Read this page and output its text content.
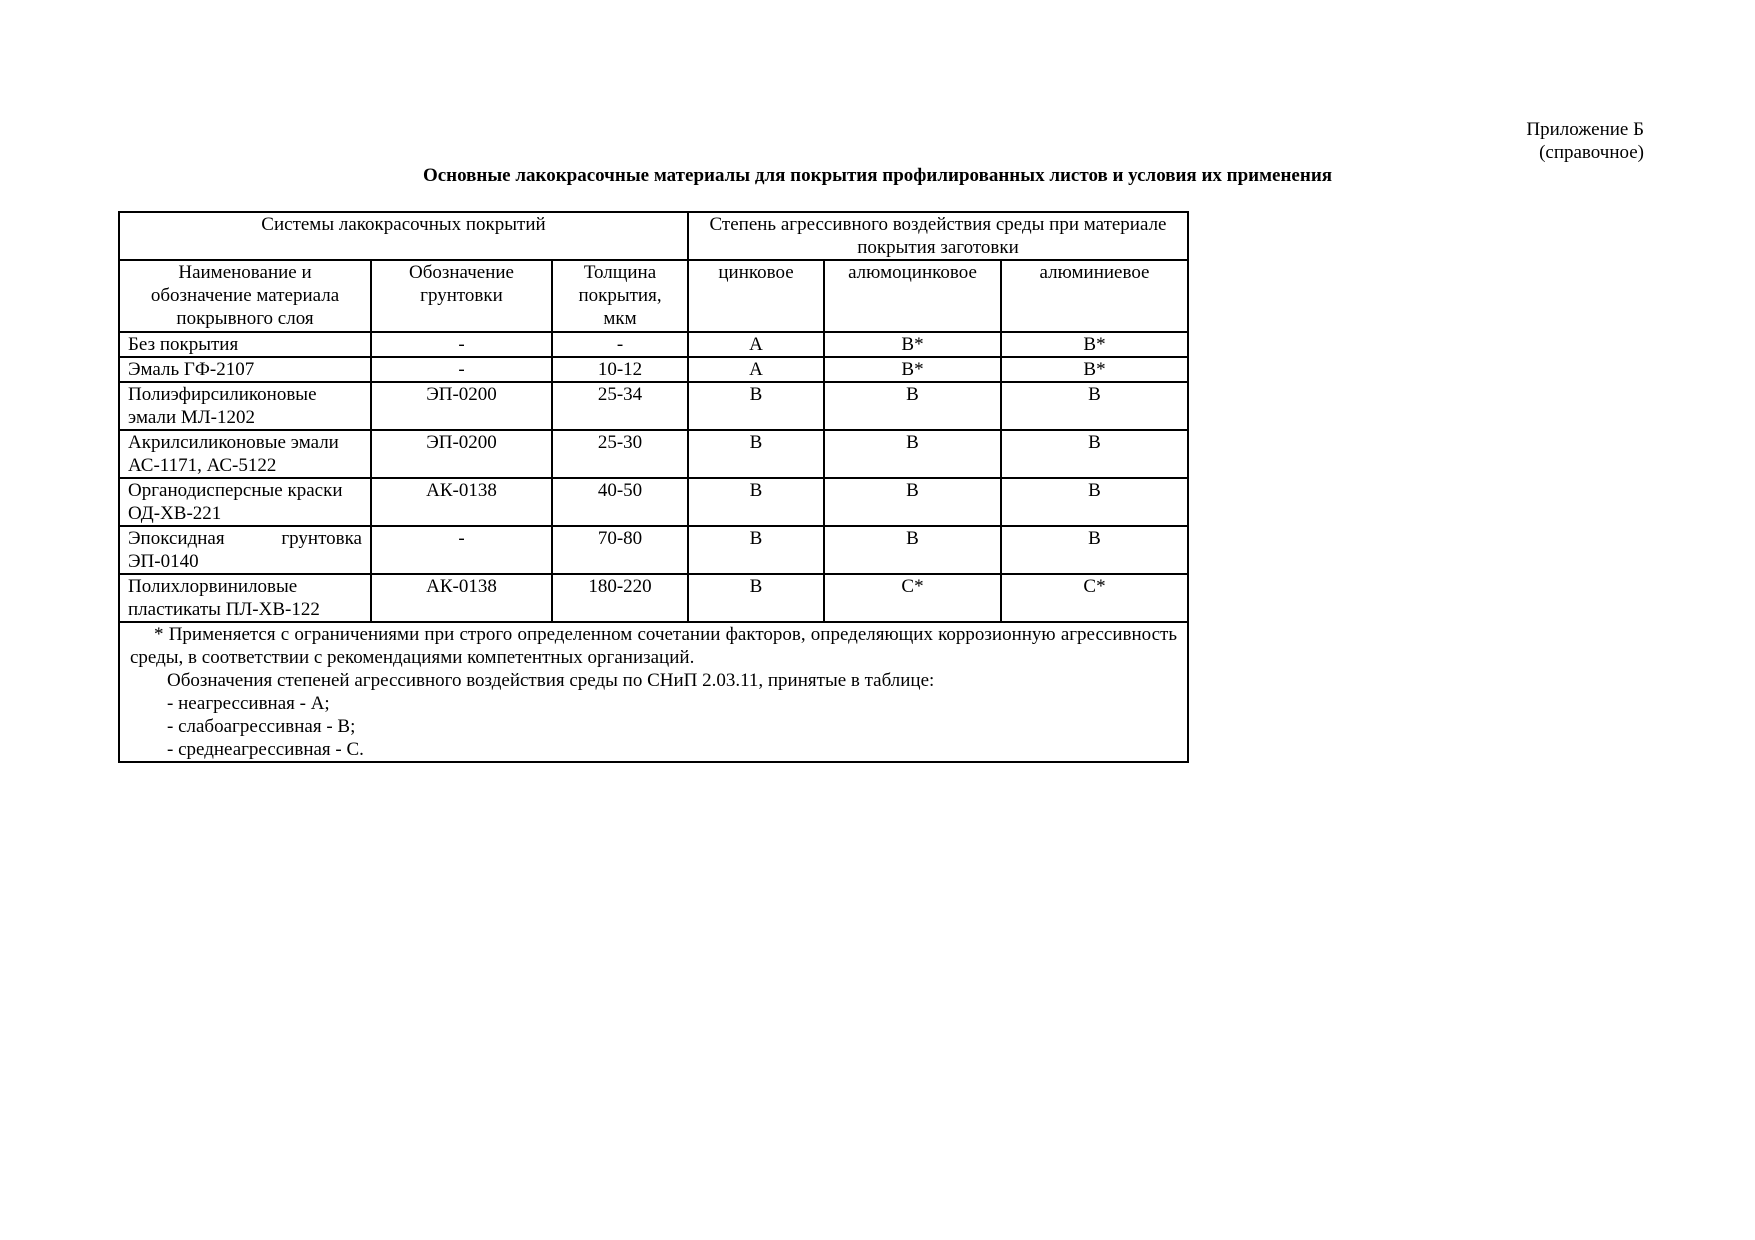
Приложение Б
(справочное)
Основные лакокрасочные материалы для покрытия профилированных листов и условия их применения
Системы лакокрасочных покрытий			Степень агрессивного воздействия среды при материале покрытия заготовки		
Наименование и обозначение материала покрывного слоя	Обозначение грунтовки	Толщина покрытия, мкм	цинковое	алюмоцинковое	алюминиевое
Без покрытия	-	-	А	В*	В*
Эмаль ГФ-2107	-	10-12	А	В*	В*
Полиэфирсиликоновые эмали МЛ-1202	ЭП-0200	25-34	В	В	В
Акрилсиликоновые эмали АС-1171, АС-5122	ЭП-0200	25-30	В	В	В
Органодисперсные краски ОД-ХВ-221	АК-0138	40-50	В	В	В
Эпоксидная грунтовка ЭП-0140	-	70-80	В	В	В
Полихлорвиниловые пластикаты ПЛ-ХВ-122	АК-0138	180-220	В	С*	С*

* Применяется с ограничениями при строго определенном сочетании факторов, определяющих коррозионную агрессивность среды, в соответствии с рекомендациями компетентных организаций.

Обозначения степеней агрессивного воздействия среды по СНиП 2.03.11, принятые в таблице:

- неагрессивная - А;

- слабоагрессивная - В;

- среднеагрессивная - С.					
